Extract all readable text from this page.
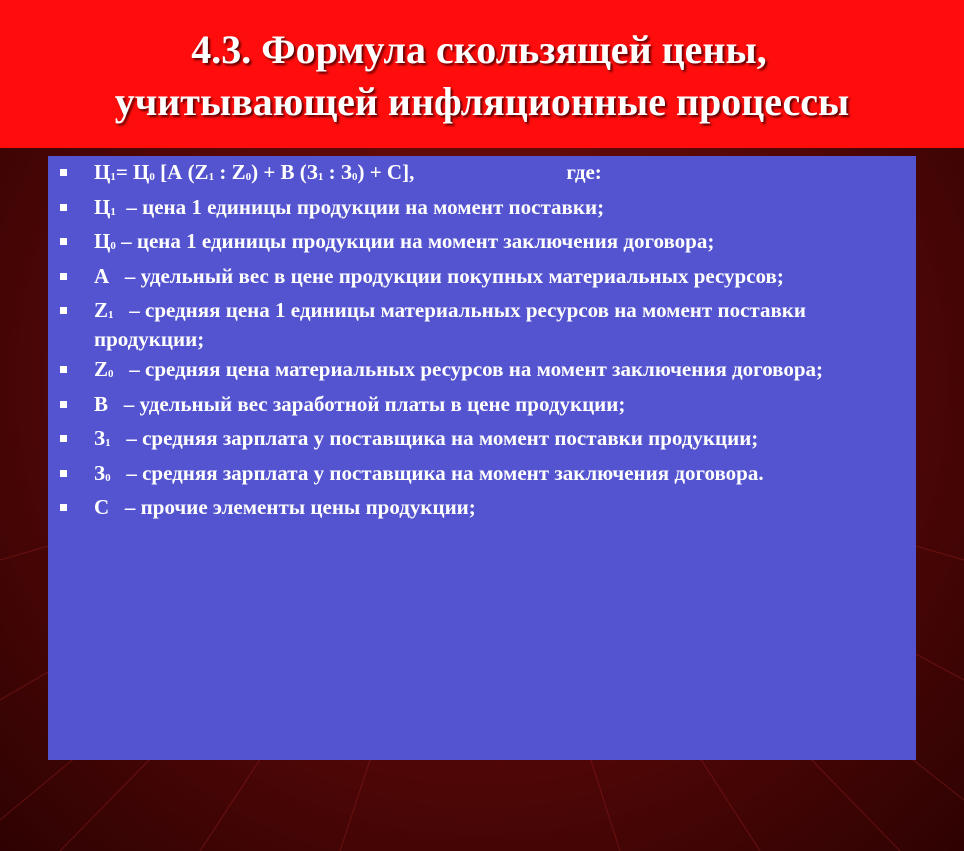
4.3. Формула скользящей цены,
учитывающей инфляционные процессы
$Ц_1= Ц_0$ [А ($Z_1$ : $Z_0) + В$ ($З_1$ : $З_0) + С$],	где:
$Ц_1$  – цена 1 единицы продукции на момент поставки;
$Ц_0$ – цена 1 единицы продукции на момент заключения договора;
А   – удельный вес в цене продукции покупных материальных ресурсов;
$Z_1$   – средняя цена 1 единицы материальных ресурсов на момент поставки продукции;
$Z_0$   – средняя цена материальных ресурсов на момент заключения договора;
В   – удельный вес заработной платы в цене продукции;
$З_1$   – средняя зарплата у поставщика на момент поставки продукции;
$З_0$   – средняя зарплата у поставщика на момент заключения договора.
С   – прочие элементы цены продукции;
